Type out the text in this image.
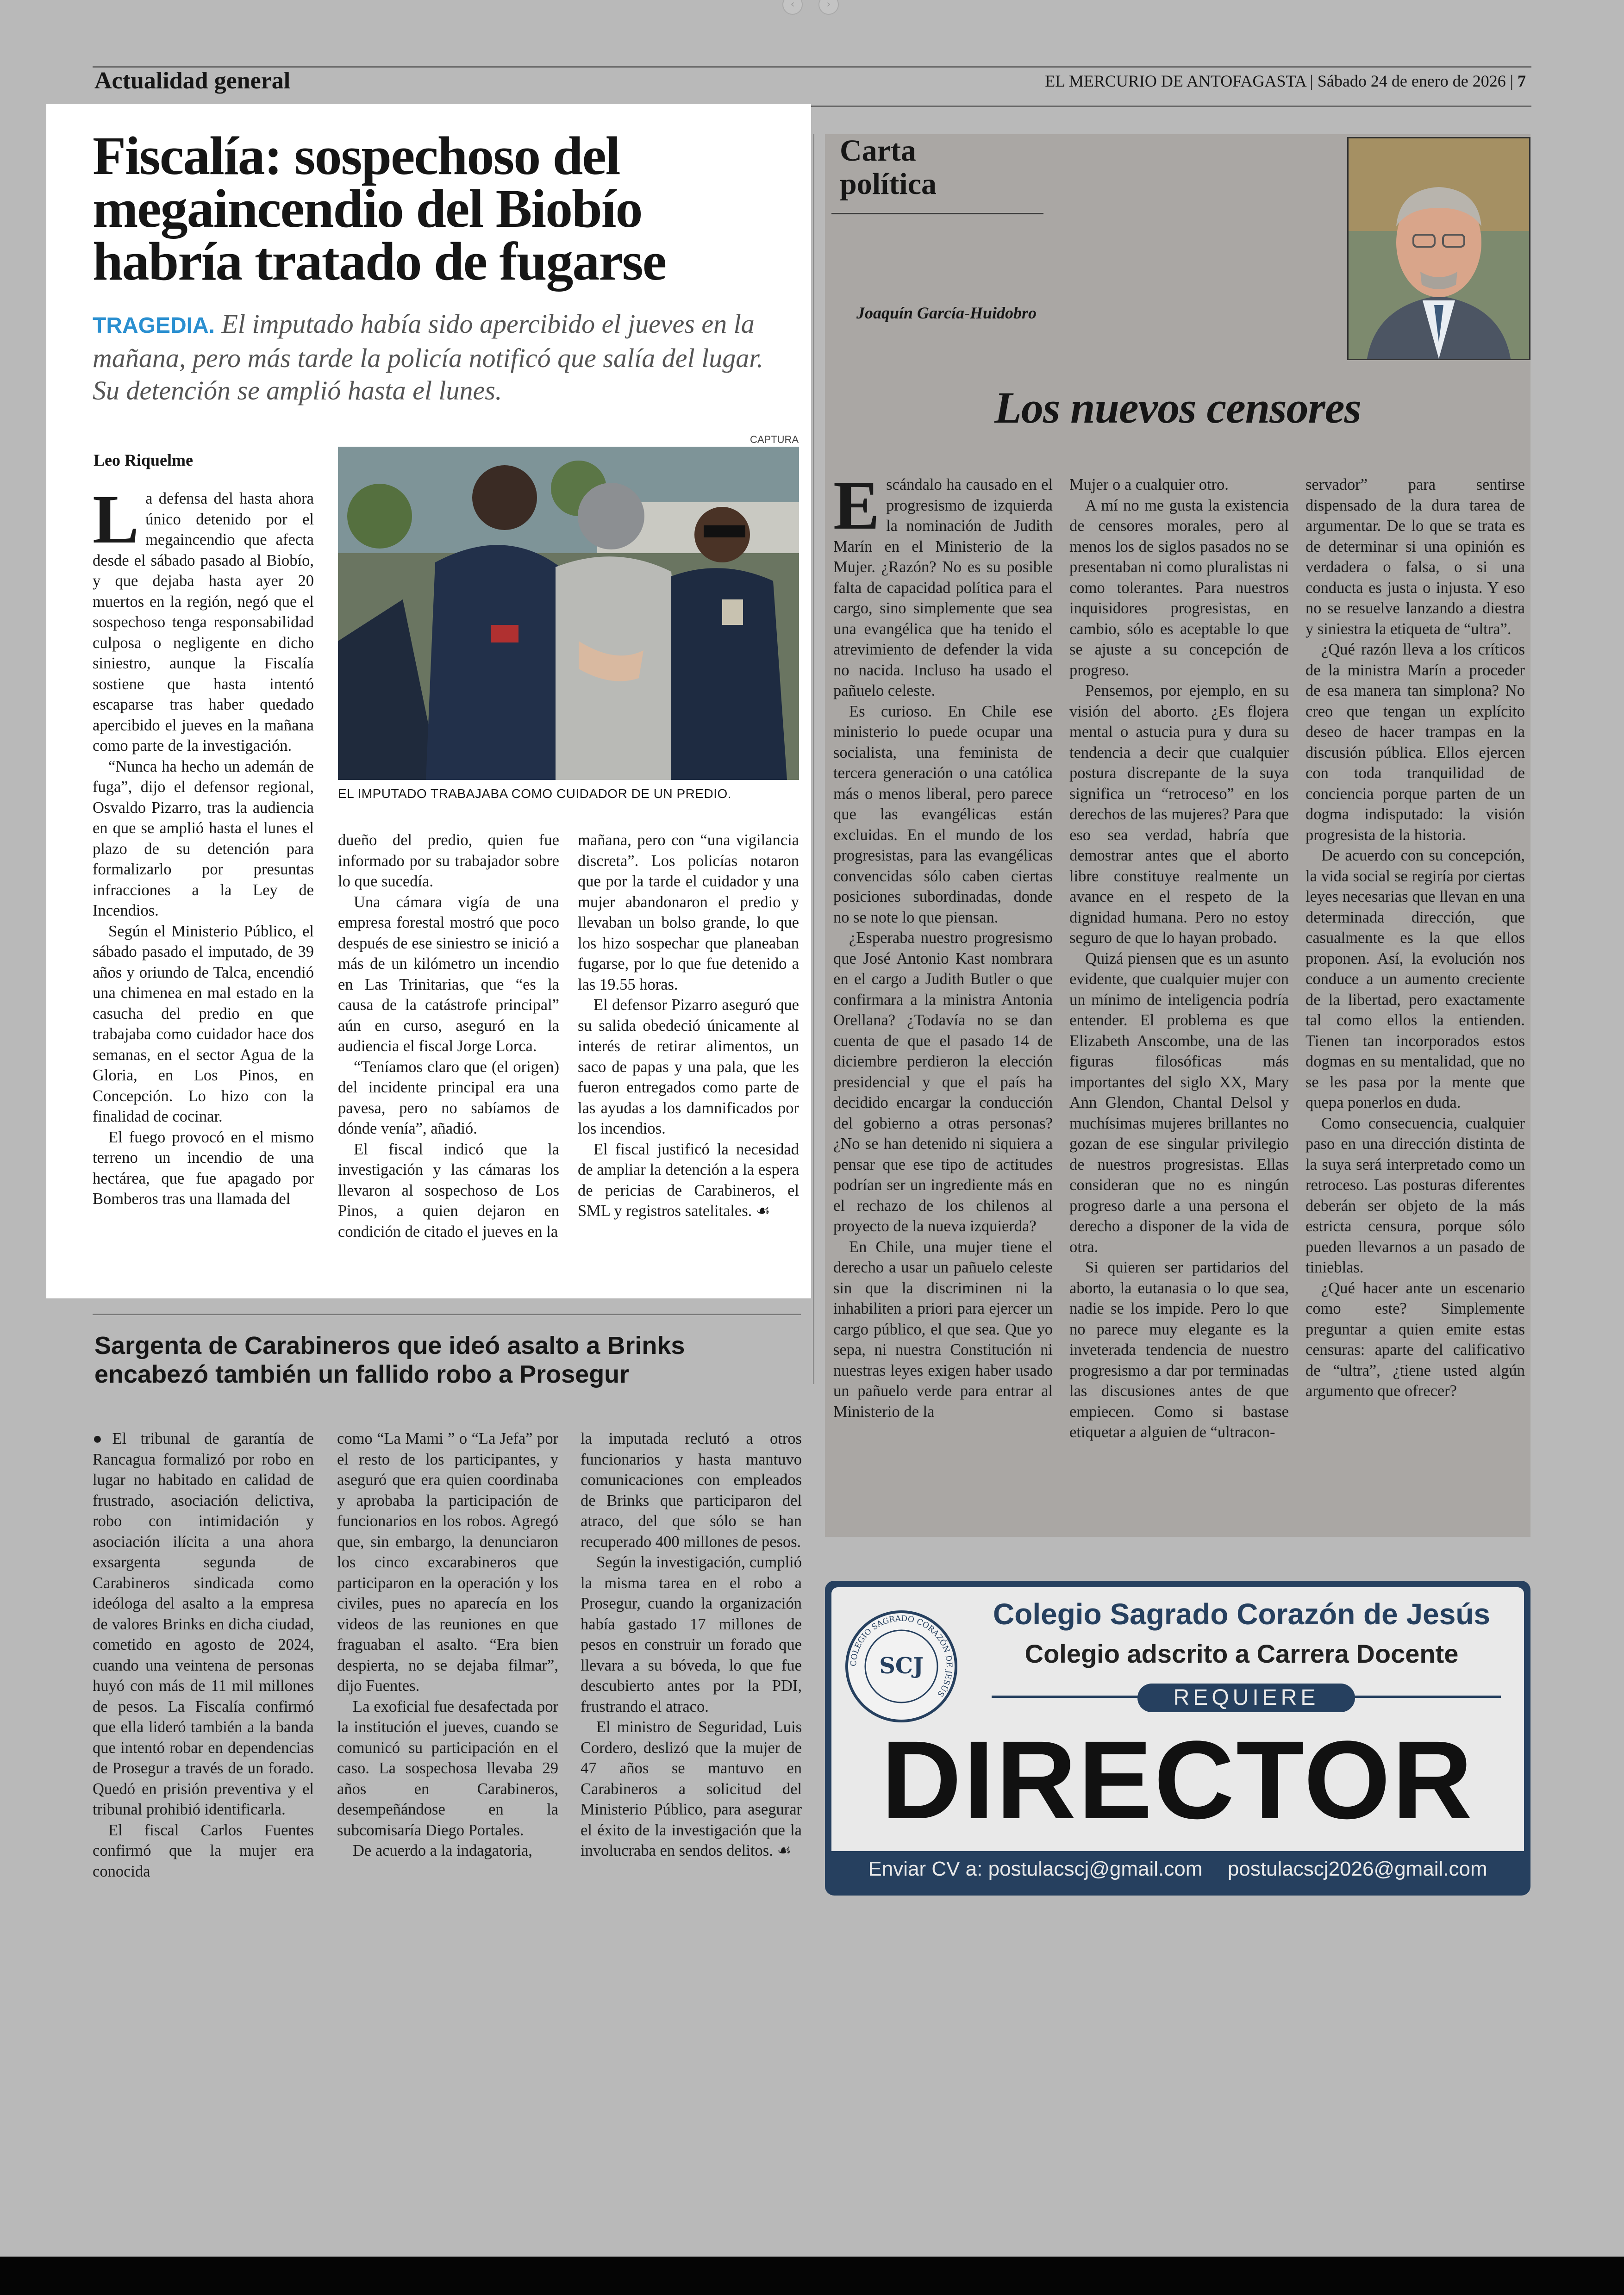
‹	›
Actualidad general	EL MERCURIO DE ANTOFAGASTA | Sábado 24 de enero de 2026 | 7
Fiscalía: sospechoso del megaincendio del Biobío habría tratado de fugarse
TRAGEDIA. El imputado había sido apercibido el jueves en la mañana, pero más tarde la policía notificó que salía del lugar. Su detención se amplió hasta el lunes.
Leo Riquelme
CAPTURA
EL IMPUTADO TRABAJABA COMO CUIDADOR DE UN PREDIO.

La defensa del hasta ahora único detenido por el megaincendio que afecta desde el sábado pasado al Biobío, y que dejaba hasta ayer 20 muertos en la región, negó que el sospechoso tenga responsabilidad culposa o negligente en dicho siniestro, aunque la Fiscalía sostiene que hasta intentó escaparse tras haber quedado apercibido el jueves en la mañana como parte de la investigación.

“Nunca ha hecho un ademán de fuga”, dijo el defensor regional, Osvaldo Pizarro, tras la audiencia en que se amplió hasta el lunes el plazo de su detención para formalizarlo por presuntas infracciones a la Ley de Incendios.

Según el Ministerio Público, el sábado pasado el imputado, de 39 años y oriundo de Talca, encendió una chimenea en mal estado en la casucha del predio en que trabajaba como cuidador hace dos semanas, en el sector Agua de la Gloria, en Los Pinos, en Concepción. Lo hizo con la finalidad de cocinar.

El fuego provocó en el mismo terreno un incendio de una hectárea, que fue apagado por Bomberos tras una llamada del

dueño del predio, quien fue informado por su trabajador sobre lo que sucedía.

Una cámara vigía de una empresa forestal mostró que poco después de ese siniestro se inició a más de un kilómetro un incendio en Las Trinitarias, que “es la causa de la catástrofe principal” aún en curso, aseguró en la audiencia el fiscal Jorge Lorca.

“Teníamos claro que (el origen) del incidente principal era una pavesa, pero no sabíamos de dónde venía”, añadió.

El fiscal indicó que la investigación y las cámaras los llevaron al sospechoso de Los Pinos, a quien dejaron en condición de citado el jueves en la

mañana, pero con “una vigilancia discreta”. Los policías notaron que por la tarde el cuidador y una mujer abandonaron el predio y llevaban un bolso grande, lo que los hizo sospechar que planeaban fugarse, por lo que fue detenido a las 19.55 horas.

El defensor Pizarro aseguró que su salida obedeció únicamente al interés de retirar alimentos, un saco de papas y una pala, que les fueron entregados como parte de las ayudas a los damnificados por los incendios.

El fiscal justificó la necesidad de ampliar la detención a la espera de pericias de Carabineros, el SML y registros satelitales. ☙

Sargenta de Carabineros que ideó asalto a Brinks encabezó también un fallido robo a Prosegur

●El tribunal de garantía de Rancagua formalizó por robo en lugar no habitado en calidad de frustrado, asociación delictiva, robo con intimidación y asociación ilícita a una ahora exsargenta segunda de Carabineros sindicada como ideóloga del asalto a la empresa de valores Brinks en dicha ciudad, cometido en agosto de 2024, cuando una veintena de personas huyó con más de 11 mil millones de pesos. La Fiscalía confirmó que ella lideró también a la banda que intentó robar en dependencias de Prosegur a través de un forado. Quedó en prisión preventiva y el tribunal prohibió identificarla.

El fiscal Carlos Fuentes confirmó que la mujer era conocida

como “La Mami ” o “La Jefa” por el resto de los participantes, y aseguró que era quien coordinaba y aprobaba la participación de funcionarios en los robos. Agregó que, sin embargo, la denunciaron los cinco excarabineros que participaron en la operación y los civiles, pues no aparecía en los videos de las reuniones en que fraguaban el asalto. “Era bien despierta, no se dejaba filmar”, dijo Fuentes.

La exoficial fue desafectada por la institución el jueves, cuando se comunicó su participación en el caso. La sospechosa llevaba 29 años en Carabineros, desempeñándose en la subcomisaría Diego Portales.

De acuerdo a la indagatoria,

la imputada reclutó a otros funcionarios y hasta mantuvo comunicaciones con empleados de Brinks que participaron del atraco, del que sólo se han recuperado 400 millones de pesos.

Según la investigación, cumplió la misma tarea en el robo a Prosegur, cuando la organización había gastado 17 millones de pesos en construir un forado que llevara a su bóveda, lo que fue descubierto antes por la PDI, frustrando el atraco.

El ministro de Seguridad, Luis Cordero, deslizó que la mujer de 47 años se mantuvo en Carabineros a solicitud del Ministerio Público, para asegurar el éxito de la investigación que la involucraba en sendos delitos. ☙

Carta
política
Joaquín García-Huidobro
Los nuevos censores

Escándalo ha causado en el progresismo de izquierda la nominación de Judith Marín en el Ministerio de la Mujer. ¿Razón? No es su posible falta de capacidad política para el cargo, sino simplemente que sea una evangélica que ha tenido el atrevimiento de defender la vida no nacida. Incluso ha usado el pañuelo celeste.

Es curioso. En Chile ese ministerio lo puede ocupar una socialista, una feminista de tercera generación o una católica más o menos liberal, pero parece que las evangélicas están excluidas. En el mundo de los progresistas, para las evangélicas convencidas sólo caben ciertas posiciones subordinadas, donde no se note lo que piensan.

¿Esperaba nuestro progresismo que José Antonio Kast nombrara en el cargo a Judith Butler o que confirmara a la ministra Antonia Orellana? ¿Todavía no se dan cuenta de que el pasado 14 de diciembre perdieron la elección presidencial y que el país ha decidido encargar la conducción del gobierno a otras personas? ¿No se han detenido ni siquiera a pensar que ese tipo de actitudes podrían ser un ingrediente más en el rechazo de los chilenos al proyecto de la nueva izquierda?

En Chile, una mujer tiene el derecho a usar un pañuelo celeste sin que la discriminen ni la inhabiliten a priori para ejercer un cargo público, el que sea. Que yo sepa, ni nuestra Constitución ni nuestras leyes exigen haber usado un pañuelo verde para entrar al Ministerio de la

Mujer o a cualquier otro.

A mí no me gusta la existencia de censores morales, pero al menos los de siglos pasados no se presentaban ni como pluralistas ni como tolerantes. Para nuestros inquisidores progresistas, en cambio, sólo es aceptable lo que se ajuste a su concepción de progreso.

Pensemos, por ejemplo, en su visión del aborto. ¿Es flojera mental o astucia pura y dura su tendencia a decir que cualquier postura discrepante de la suya significa un “retroceso” en los derechos de las mujeres? Para que eso sea verdad, habría que demostrar antes que el aborto libre constituye realmente un avance en el respeto de la dignidad humana. Pero no estoy seguro de que lo hayan probado.

Quizá piensen que es un asunto evidente, que cualquier mujer con un mínimo de inteligencia podría entender. El problema es que Elizabeth Anscombe, una de las figuras filosóficas más importantes del siglo XX, Mary Ann Glendon, Chantal Delsol y muchísimas mujeres brillantes no gozan de ese singular privilegio de nuestros progresistas. Ellas consideran que no es ningún progreso darle a una persona el derecho a disponer de la vida de otra.

Si quieren ser partidarios del aborto, la eutanasia o lo que sea, nadie se los impide. Pero lo que no parece muy elegante es la inveterada tendencia de nuestro progresismo a dar por terminadas las discusiones antes de que empiecen. Como si bastase etiquetar a alguien de “ultracon-

servador” para sentirse dispensado de la dura tarea de argumentar. De lo que se trata es de determinar si una opinión es verdadera o falsa, o si una conducta es justa o injusta. Y eso no se resuelve lanzando a diestra y siniestra la etiqueta de “ultra”.

¿Qué razón lleva a los críticos de la ministra Marín a proceder de esa manera tan simplona? No creo que tengan un explícito deseo de hacer trampas en la discusión pública. Ellos ejercen con toda tranquilidad de conciencia porque parten de un dogma indisputado: la visión progresista de la historia.

De acuerdo con su concepción, la vida social se regiría por ciertas leyes necesarias que llevan en una determinada dirección, que casualmente es la que ellos proponen. Así, la evolución nos conduce a un aumento creciente de la libertad, pero exactamente tal como ellos la entienden. Tienen tan incorporados estos dogmas en su mentalidad, que no se les pasa por la mente que quepa ponerlos en duda.

Como consecuencia, cualquier paso en una dirección distinta de la suya será interpretado como un retroceso. Las posturas diferentes deberán ser objeto de la más estricta censura, porque sólo pueden llevarnos a un pasado de tinieblas.

¿Qué hacer ante un escenario como este? Simplemente preguntar a quien emite estas censuras: aparte del calificativo de “ultra”, ¿tiene usted algún argumento que ofrecer?

COLEGIO SAGRADO CORAZÓN DE JESÚS
SCJ
Colegio Sagrado Corazón de Jesús
Colegio adscrito a Carrera Docente
REQUIERE
DIRECTOR
Enviar CV a: postulacscj@gmail.com postulacscj2026@gmail.com
